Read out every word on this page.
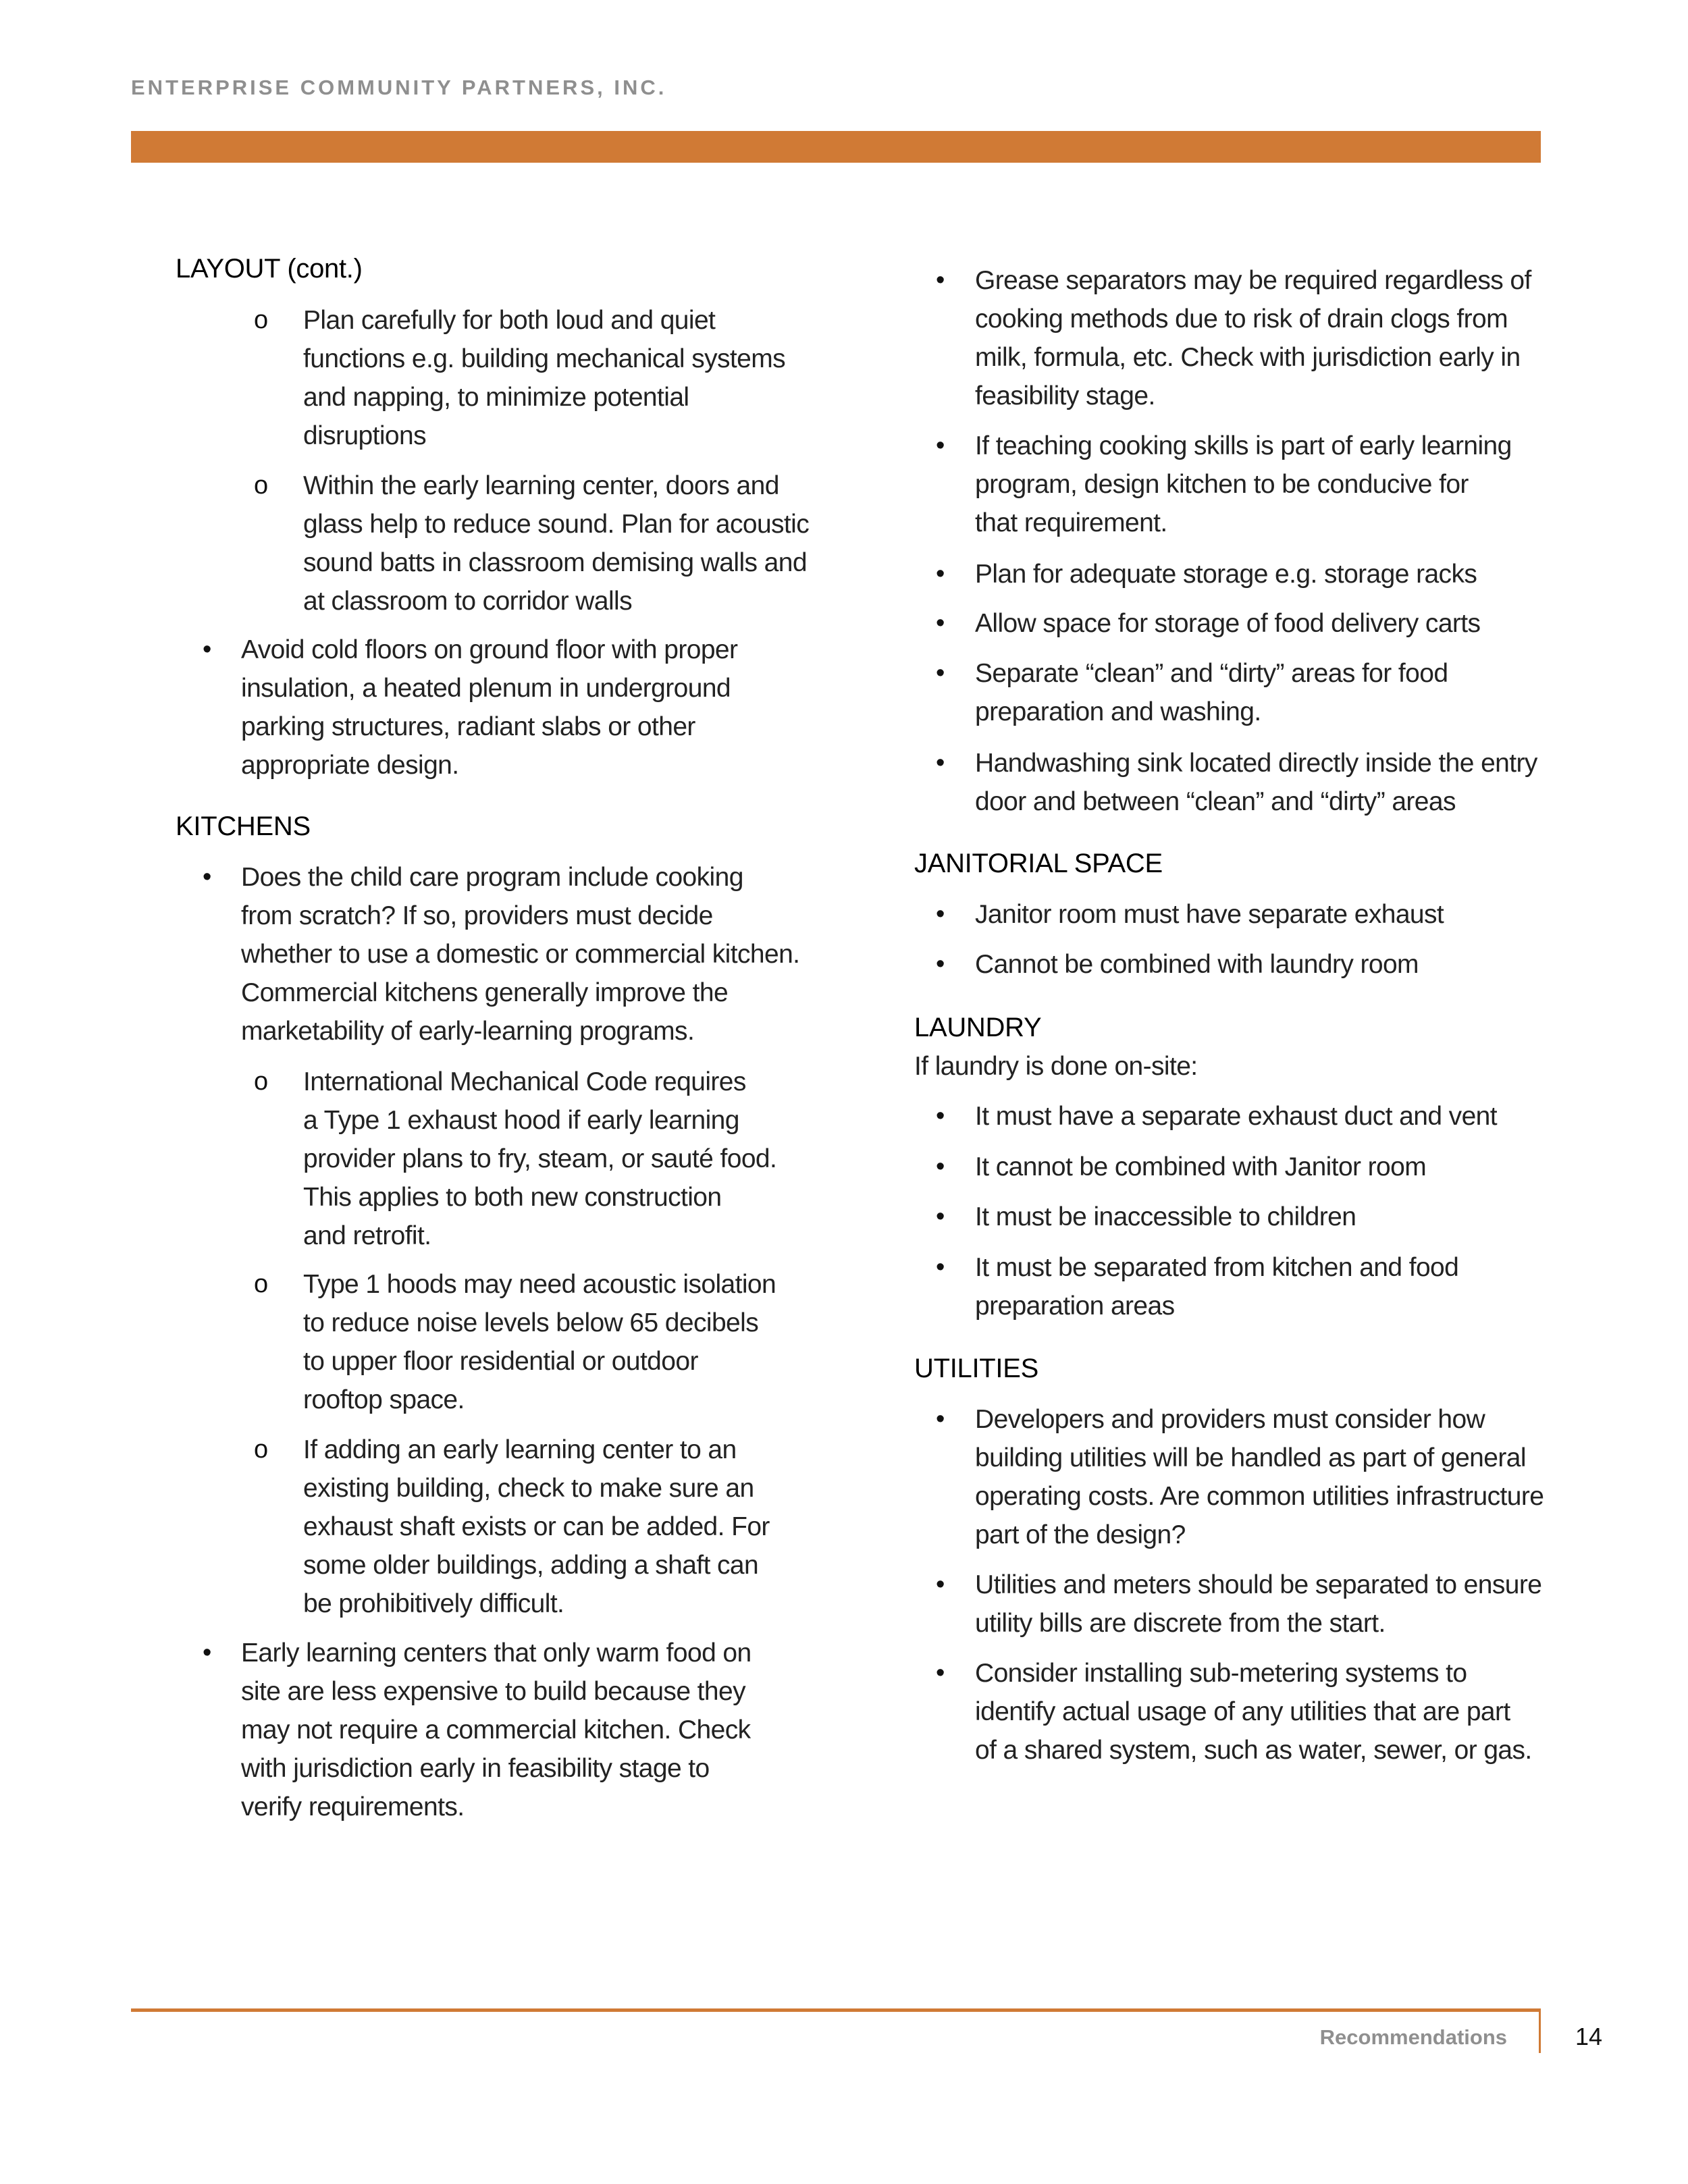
ENTERPRISE COMMUNITY PARTNERS, INC.
LAYOUT (cont.)
o Plan carefully for both loud and quiet
functions e.g. building mechanical systems
and napping, to minimize potential
disruptions
o Within the early learning center, doors and
glass help to reduce sound. Plan for acoustic
sound batts in classroom demising walls and
at classroom to corridor walls
• Avoid cold floors on ground floor with proper
insulation, a heated plenum in underground
parking structures, radiant slabs or other
appropriate design.
KITCHENS
• Does the child care program include cooking
from scratch? If so, providers must decide
whether to use a domestic or commercial kitchen.
Commercial kitchens generally improve the
marketability of early-learning programs.
o International Mechanical Code requires
a Type 1 exhaust hood if early learning
provider plans to fry, steam, or sauté food.
This applies to both new construction
and retrofit.
o Type 1 hoods may need acoustic isolation
to reduce noise levels below 65 decibels
to upper floor residential or outdoor
rooftop space.
o If adding an early learning center to an
existing building, check to make sure an
exhaust shaft exists or can be added. For
some older buildings, adding a shaft can
be prohibitively difficult.
• Early learning centers that only warm food on
site are less expensive to build because they
may not require a commercial kitchen. Check
with jurisdiction early in feasibility stage to
verify requirements.
• Grease separators may be required regardless of
cooking methods due to risk of drain clogs from
milk, formula, etc. Check with jurisdiction early in
feasibility stage.
• If teaching cooking skills is part of early learning
program, design kitchen to be conducive for
that requirement.
• Plan for adequate storage e.g. storage racks
• Allow space for storage of food delivery carts
• Separate “clean” and “dirty” areas for food
preparation and washing.
• Handwashing sink located directly inside the entry
door and between “clean” and “dirty” areas
JANITORIAL SPACE
• Janitor room must have separate exhaust
• Cannot be combined with laundry room
LAUNDRY
If laundry is done on-site:
• It must have a separate exhaust duct and vent
• It cannot be combined with Janitor room
• It must be inaccessible to children
• It must be separated from kitchen and food
preparation areas
UTILITIES
• Developers and providers must consider how
building utilities will be handled as part of general
operating costs. Are common utilities infrastructure
part of the design?
• Utilities and meters should be separated to ensure
utility bills are discrete from the start.
• Consider installing sub-metering systems to
identify actual usage of any utilities that are part
of a shared system, such as water, sewer, or gas.
Recommendations	14
